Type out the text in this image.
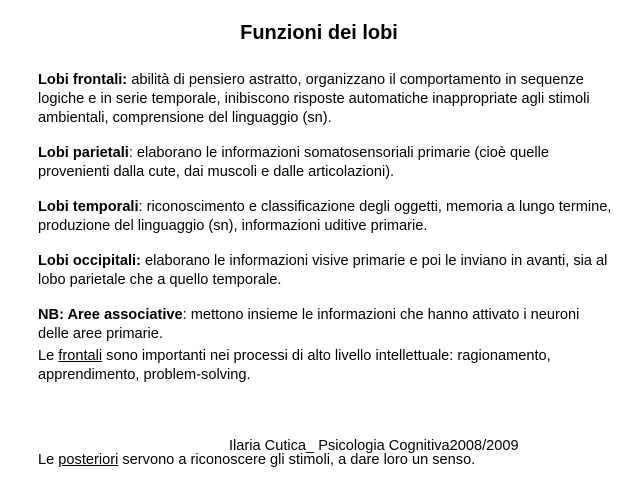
Funzioni dei lobi

Lobi frontali: abilità di pensiero astratto, organizzano il comportamento in sequenze logiche e in serie temporale, inibiscono risposte automatiche inappropriate agli stimoli ambientali, comprensione del linguaggio (sn).

Lobi parietali: elaborano le informazioni somatosensoriali primarie (cioè quelle provenienti dalla cute, dai muscoli e dalle articolazioni).

Lobi temporali: riconoscimento e classificazione degli oggetti, memoria a lungo termine, produzione del linguaggio (sn), informazioni uditive primarie.

Lobi occipitali: elaborano le informazioni visive primarie e poi le inviano in avanti, sia al lobo parietale che a quello temporale.

NB: Aree associative: mettono insieme le informazioni che hanno attivato i neuroni delle aree primarie.

Le frontali sono importanti nei processi di alto livello intellettuale: ragionamento, apprendimento, problem-solving.

Le posteriori servono a riconoscere gli stimoli, a dare loro un senso.

Ilaria Cutica_ Psicologia Cognitiva2008/2009
